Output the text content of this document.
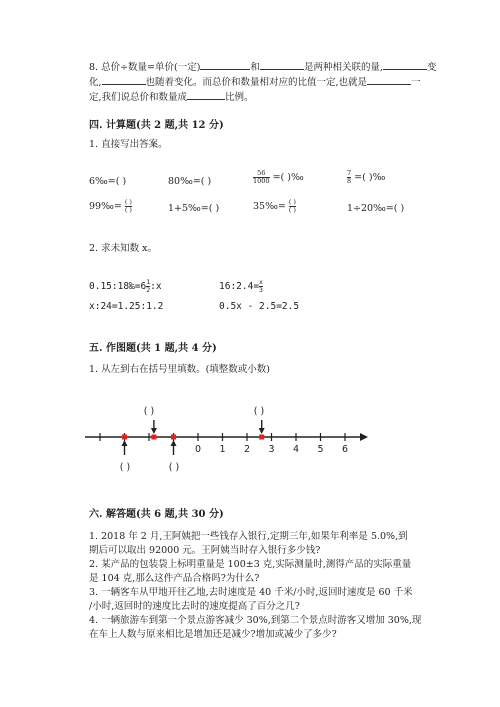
8. 总价÷数量=单价(一定)	和	是两种相关联的量,	变
化,	也随着变化。而总价和数量相对应的比值一定,也就是	一
定,我们说总价和数量成	比例。
四. 计算题(共 2 题,共 12 分)
1. 直接写出答案。
6‰=( )	80‰=( )	$\frac{56}{1000}$ =( )‰	$\frac{7}{8}$ =( )‰
99‰= $\frac{( )}{( )}$	1+5‰=( )	35‰= $\frac{( )}{( )}$	1÷20‰=( )
2. 求未知数 x。
0.15:18‰=6 $\frac{1}{2}$ :x	16:2.4= $\frac{x}{3}$
x:24=1.25:1.2	0.5x - 2.5=2.5
五. 作图题(共 1 题,共 4 分)
1. 从左到右在括号里填数。(填整数或小数)
0 1 2 3 4 5 6
( )	( )
( )	( )
六. 解答题(共 6 题,共 30 分)
1. 2018 年 2 月,王阿姨把一些钱存入银行,定期三年,如果年利率是 5.0%,到
期后可以取出 92000 元。王阿姨当时存入银行多少钱?
2. 某产品的包装袋上标明重量是 100±3 克,实际测量时,测得产品的实际重量
是 104 克,那么这件产品合格吗?为什么?
3. 一辆客车从甲地开往乙地,去时速度是 40 千米/小时,返回时速度是 60 千米
/小时,返回时的速度比去时的速度提高了百分之几?
4. 一辆旅游车到第一个景点游客减少 30%,到第二个景点时游客又增加 30%,现
在车上人数与原来相比是增加还是减少?增加或减少了多少?
